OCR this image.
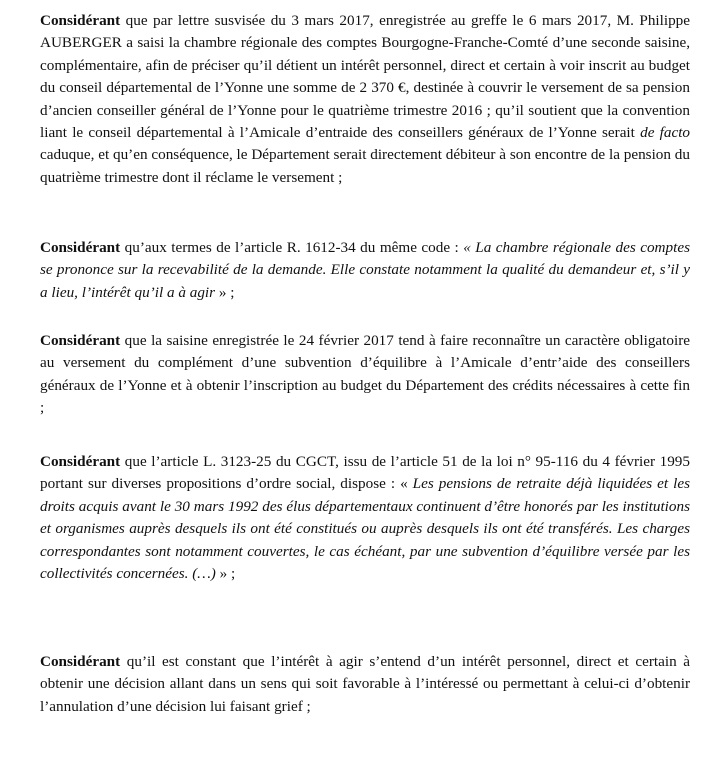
Considérant que par lettre susvisée du 3 mars 2017, enregistrée au greffe le 6 mars 2017, M. Philippe AUBERGER a saisi la chambre régionale des comptes Bourgogne-Franche-Comté d’une seconde saisine, complémentaire, afin de préciser qu’il détient un intérêt personnel, direct et certain à voir inscrit au budget du conseil départemental de l’Yonne une somme de 2 370 €, destinée à couvrir le versement de sa pension d’ancien conseiller général de l’Yonne pour le quatrième trimestre 2016 ; qu’il soutient que la convention liant le conseil départemental à l’Amicale d’entraide des conseillers généraux de l’Yonne serait de facto caduque, et qu’en conséquence, le Département serait directement débiteur à son encontre de la pension du quatrième trimestre dont il réclame le versement ;

Considérant qu’aux termes de l’article R. 1612-34 du même code : « La chambre régionale des comptes se prononce sur la recevabilité de la demande. Elle constate notamment la qualité du demandeur et, s’il y a lieu, l’intérêt qu’il a à agir » ;

Considérant que la saisine enregistrée le 24 février 2017 tend à faire reconnaître un caractère obligatoire au versement du complément d’une subvention d’équilibre à l’Amicale d’entr’aide des conseillers généraux de l’Yonne et à obtenir l’inscription au budget du Département des crédits nécessaires à cette fin ;

Considérant que l’article L. 3123-25 du CGCT, issu de l’article 51 de la loi n° 95-116 du 4 février 1995 portant sur diverses propositions d’ordre social, dispose : « Les pensions de retraite déjà liquidées et les droits acquis avant le 30 mars 1992 des élus départementaux continuent d’être honorés par les institutions et organismes auprès desquels ils ont été constitués ou auprès desquels ils ont été transférés. Les charges correspondantes sont notamment couvertes, le cas échéant, par une subvention d’équilibre versée par les collectivités concernées. (…) » ;

Considérant qu’il est constant que l’intérêt à agir s’entend d’un intérêt personnel, direct et certain à obtenir une décision allant dans un sens qui soit favorable à l’intéressé ou permettant à celui-ci d’obtenir l’annulation d’une décision lui faisant grief ;
